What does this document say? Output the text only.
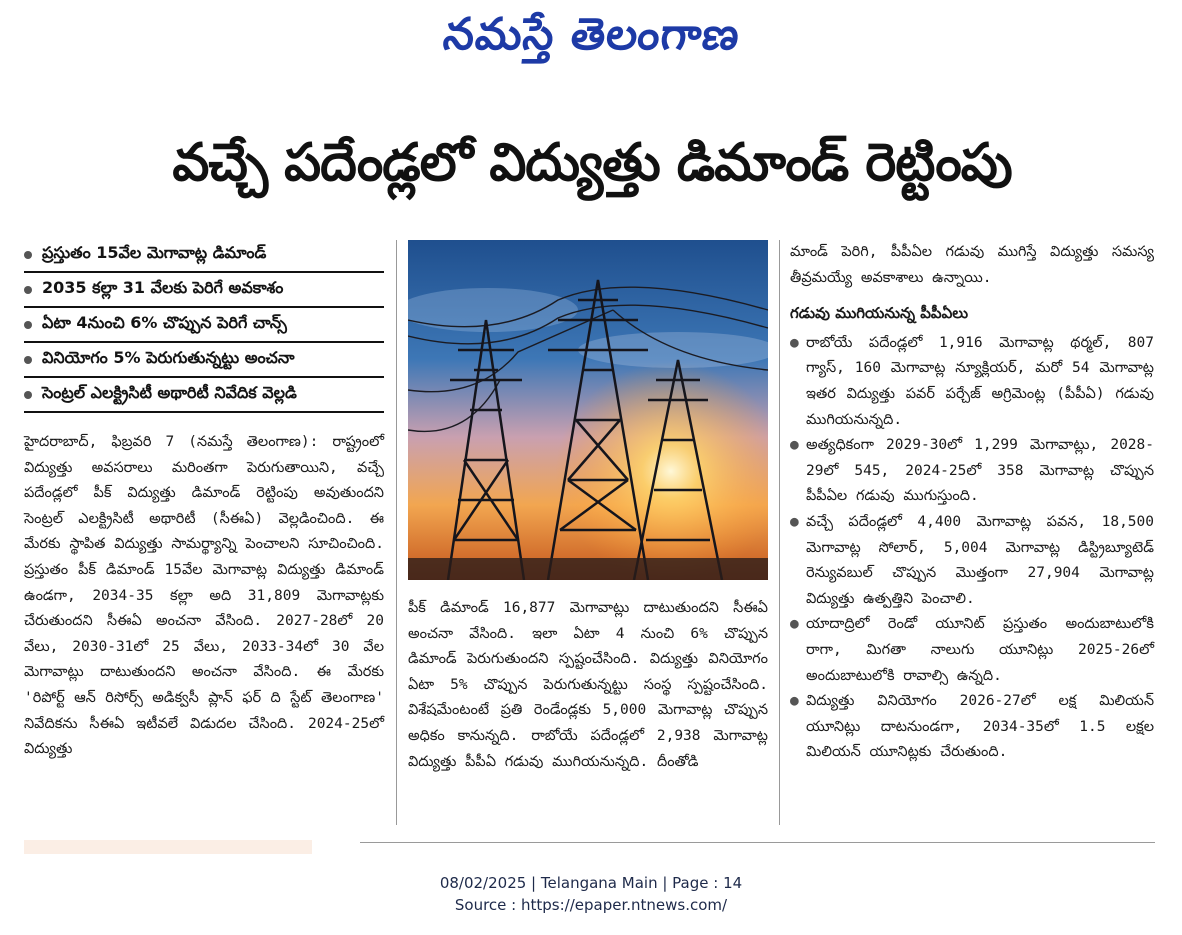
నమస్తే తెలంగాణ
వచ్చే పదేండ్లలో విద్యుత్తు డిమాండ్ రెట్టింపు
ప్రస్తుతం 15వేల మెగావాట్ల డిమాండ్
2035 కల్లా 31 వేలకు పెరిగే అవకాశం
ఏటా 4నుంచి 6% చొప్పున పెరిగే చాన్స్
వినియోగం 5% పెరుగుతున్నట్టు అంచనా
సెంట్రల్ ఎలక్ట్రిసిటీ అథారిటీ నివేదిక వెల్లడి

హైదరాబాద్, ఫిబ్రవరి 7 (నమస్తే తెలంగాణ): రాష్ట్రంలో విద్యుత్తు అవసరాలు మరింతగా పెరుగుతాయిని, వచ్చే పదేండ్లలో పీక్ విద్యుత్తు డిమాండ్ రెట్టింపు అవుతుందని సెంట్రల్ ఎలక్ట్రిసిటీ అథారిటీ (సీఈఏ) వెల్లడించింది. ఈ మేరకు స్థాపిత విద్యుత్తు సామర్థ్యాన్ని పెంచాలని సూచించింది. ప్రస్తుతం పీక్ డిమాండ్ 15వేల మెగావాట్ల విద్యుత్తు డిమాండ్ ఉండగా, 2034-35 కల్లా అది 31,809 మెగావాట్లకు చేరుతుందని సీఈఏ అంచనా వేసింది. 2027-28లో 20 వేలు, 2030-31లో 25 వేలు, 2033-34లో 30 వేల మెగావాట్లు దాటుతుందని అంచనా వేసింది. ఈ మేరకు 'రిపోర్ట్ ఆన్ రిసోర్స్ అడిక్వసీ ప్లాన్ ఫర్ ది స్టేట్ తెలంగాణ' నివేదికను సీఈఏ ఇటీవలే విడుదల చేసింది. 2024-25లో విద్యుత్తు

పీక్ డిమాండ్ 16,877 మెగావాట్లు దాటుతుందని సీఈఏ అంచనా వేసింది. ఇలా ఏటా 4 నుంచి 6% చొప్పున డిమాండ్ పెరుగుతుందని స్పష్టంచేసింది. విద్యుత్తు వినియోగం ఏటా 5% చొప్పున పెరుగుతున్నట్టు సంస్థ స్పష్టంచేసింది. విశేషమేంటంటే ప్రతి రెండేండ్లకు 5,000 మెగావాట్ల చొప్పున అధికం కానున్నది. రాబోయే పదేండ్లలో 2,938 మెగావాట్ల విద్యుత్తు పీపీఏ గడువు ముగియనున్నది. దీంతోడి

మాండ్ పెరిగి, పీపీఏల గడువు ముగిస్తే విద్యుత్తు సమస్య తీవ్రమయ్యే అవకాశాలు ఉన్నాయి.

గడువు ముగియనున్న పీపీఏలు

● రాబోయే పదేండ్లలో 1,916 మెగావాట్ల థర్మల్, 807 గ్యాస్, 160 మెగావాట్ల న్యూక్లియర్, మరో 54 మెగావాట్ల ఇతర విద్యుత్తు పవర్ పర్చేజ్ అగ్రిమెంట్ల (పీపీఏ) గడువు ముగియనున్నది.
● అత్యధికంగా 2029-30లో 1,299 మెగావాట్లు, 2028-29లో 545, 2024-25లో 358 మెగావాట్ల చొప్పున పీపీఏల గడువు ముగుస్తుంది.
● వచ్చే పదేండ్లలో 4,400 మెగావాట్ల పవన, 18,500 మెగావాట్ల సోలార్, 5,004 మెగావాట్ల డిస్ట్రిబ్యూటెడ్ రెన్యువబుల్ చొప్పున మొత్తంగా 27,904 మెగావాట్ల విద్యుత్తు ఉత్పత్తిని పెంచాలి.
● యాదాద్రిలో రెండో యూనిట్ ప్రస్తుతం అందుబాటులోకి రాగా, మిగతా నాలుగు యూనిట్లు 2025-26లో అందుబాటులోకి రావాల్సి ఉన్నది.
● విద్యుత్తు వినియోగం 2026-27లో లక్ష మిలియన్ యూనిట్లు దాటనుండగా, 2034-35లో 1.5 లక్షల మిలియన్ యూనిట్లకు చేరుతుంది.
08/02/2025 | Telangana Main | Page : 14
Source : https://epaper.ntnews.com/
